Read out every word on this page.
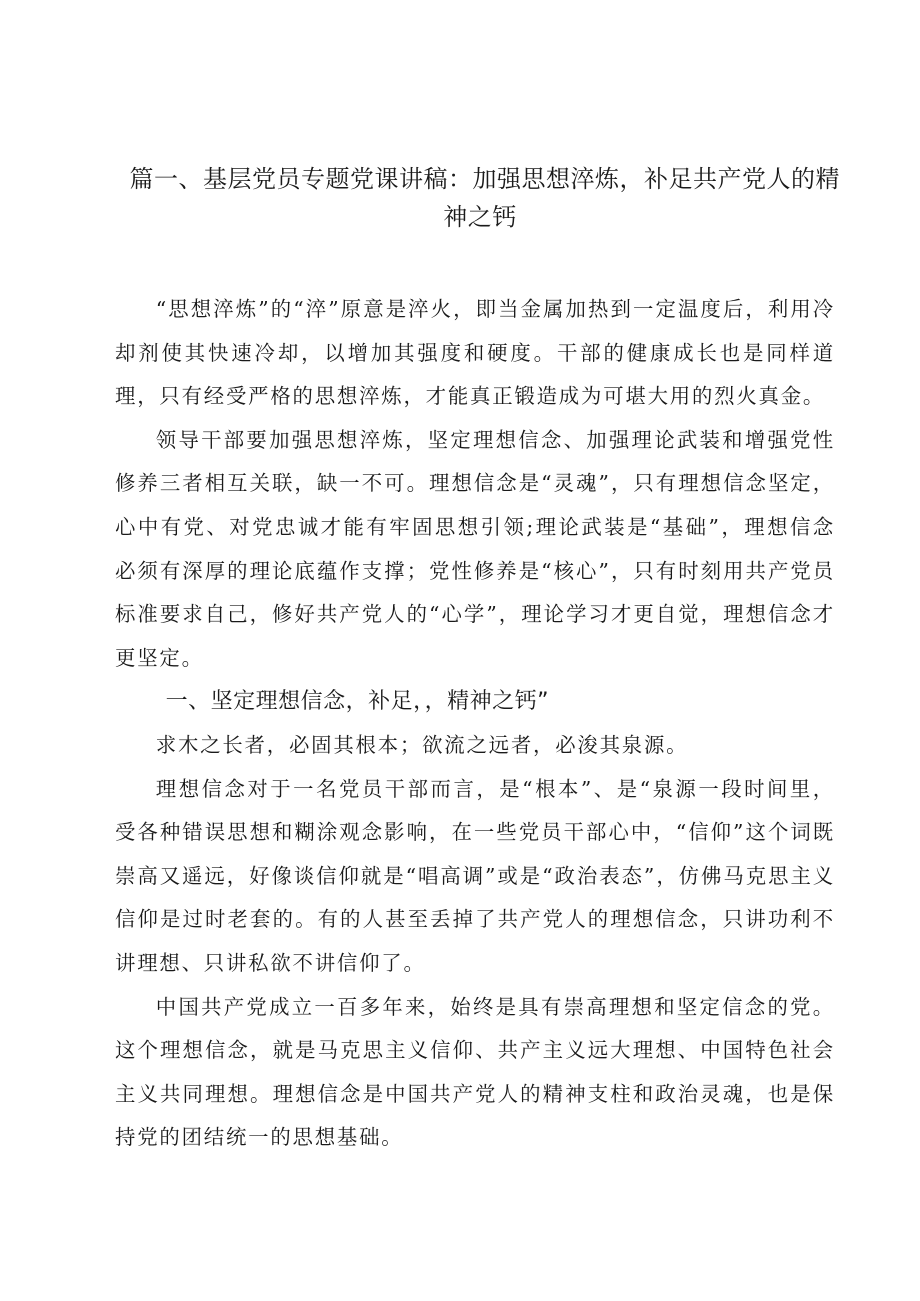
篇一、基层党员专题党课讲稿：加强思想淬炼，补足共产党人的精
神之钙

“思想淬炼”的“淬”原意是淬火，即当金属加热到一定温度后，利用冷却剂使其快速冷却，以增加其强度和硬度。干部的健康成长也是同样道理，只有经受严格的思想淬炼，才能真正锻造成为可堪大用的烈火真金。

领导干部要加强思想淬炼，坚定理想信念、加强理论武装和增强党性修养三者相互关联，缺一不可。理想信念是“灵魂”，只有理想信念坚定，心中有党、对党忠诚才能有牢固思想引领;理论武装是“基础”，理想信念必须有深厚的理论底蕴作支撑；党性修养是“核心”，只有时刻用共产党员标准要求自己，修好共产党人的“心学”，理论学习才更自觉，理想信念才更坚定。

一、坚定理想信念，补足，，精神之钙”

求木之长者，必固其根本；欲流之远者，必浚其泉源。

理想信念对于一名党员干部而言，是“根本”、是“泉源一段时间里，受各种错误思想和糊涂观念影响，在一些党员干部心中，“信仰”这个词既崇高又遥远，好像谈信仰就是“唱高调”或是“政治表态”，仿佛马克思主义信仰是过时老套的。有的人甚至丢掉了共产党人的理想信念，只讲功利不讲理想、只讲私欲不讲信仰了。

中国共产党成立一百多年来，始终是具有崇高理想和坚定信念的党。这个理想信念，就是马克思主义信仰、共产主义远大理想、中国特色社会主义共同理想。理想信念是中国共产党人的精神支柱和政治灵魂，也是保持党的团结统一的思想基础。
